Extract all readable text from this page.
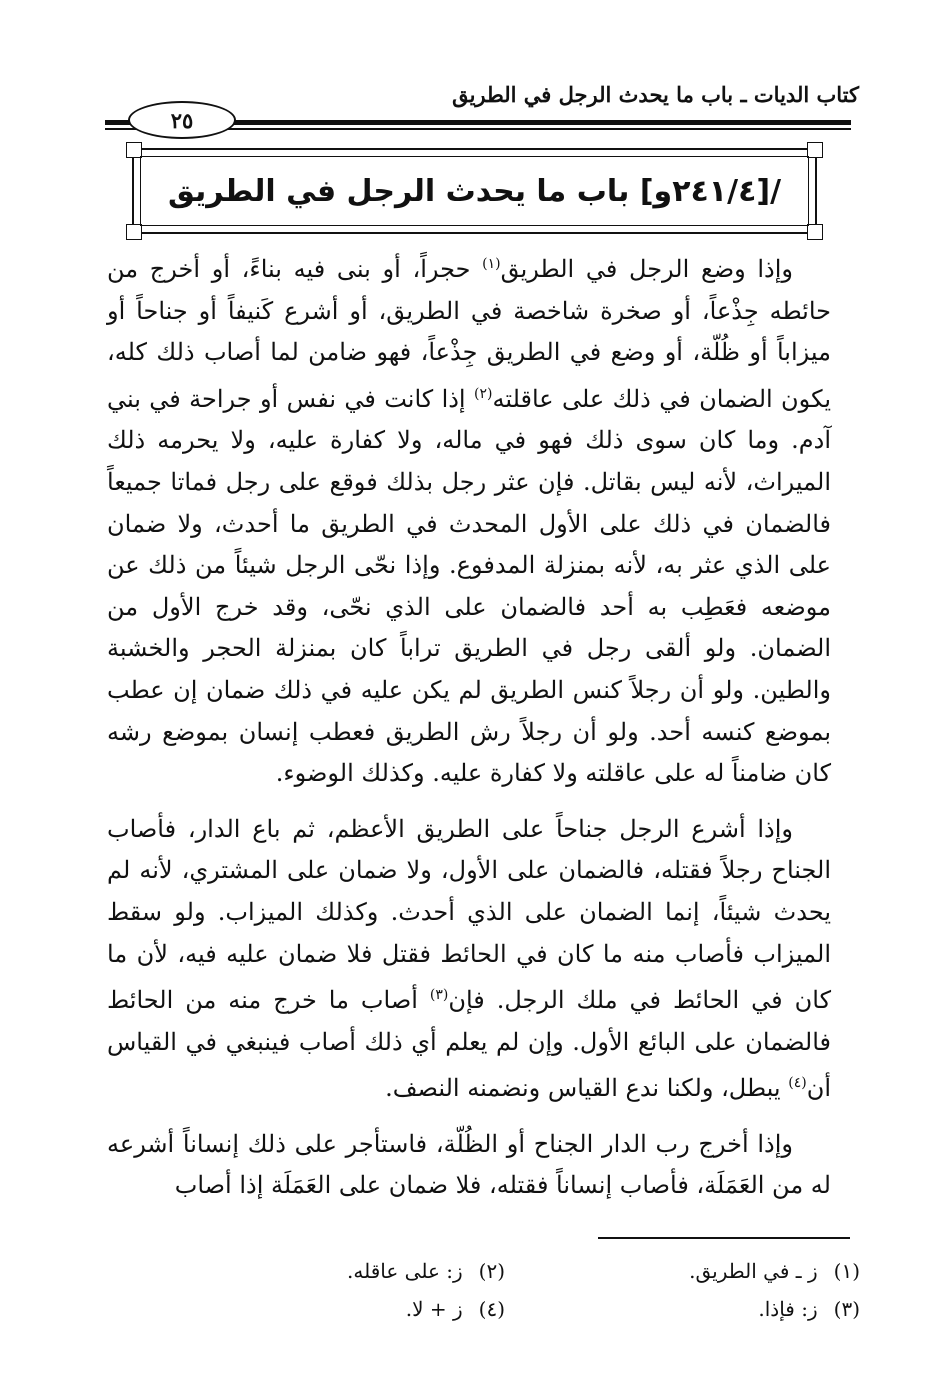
كتاب الديات ـ باب ما يحدث الرجل في الطريق
٢٥
/[٢٤١/٤و] باب ما يحدث الرجل في الطريق

وإذا وضع الرجل في الطريق$^{(١)}$ حجراً، أو بنى فيه بناءً، أو أخرج من حائطه جِذْعاً، أو صخرة شاخصة في الطريق، أو أشرع كَنيفاً أو جناحاً أو ميزاباً أو ظُلّة، أو وضع في الطريق جِذْعاً، فهو ضامن لما أصاب ذلك كله، يكون الضمان في ذلك على عاقلته$^{(٢)}$ إذا كانت في نفس أو جراحة في بني آدم. وما كان سوى ذلك فهو في ماله، ولا كفارة عليه، ولا يحرمه ذلك الميراث، لأنه ليس بقاتل. فإن عثر رجل بذلك فوقع على رجل فماتا جميعاً فالضمان في ذلك على الأول المحدث في الطريق ما أحدث، ولا ضمان على الذي عثر به، لأنه بمنزلة المدفوع. وإذا نحّى الرجل شيئاً من ذلك عن موضعه فعَطِب به أحد فالضمان على الذي نحّى، وقد خرج الأول من الضمان. ولو ألقى رجل في الطريق تراباً كان بمنزلة الحجر والخشبة والطين. ولو أن رجلاً كنس الطريق لم يكن عليه في ذلك ضمان إن عطب بموضع كنسه أحد. ولو أن رجلاً رش الطريق فعطب إنسان بموضع رشه كان ضامناً له على عاقلته ولا كفارة عليه. وكذلك الوضوء.

وإذا أشرع الرجل جناحاً على الطريق الأعظم، ثم باع الدار، فأصاب الجناح رجلاً فقتله، فالضمان على الأول، ولا ضمان على المشتري، لأنه لم يحدث شيئاً، إنما الضمان على الذي أحدث. وكذلك الميزاب. ولو سقط الميزاب فأصاب منه ما كان في الحائط فقتل فلا ضمان عليه فيه، لأن ما كان في الحائط في ملك الرجل. فإن$^{(٣)}$ أصاب ما خرج منه من الحائط فالضمان على البائع الأول. وإن لم يعلم أي ذلك أصاب فينبغي في القياس أن$^{(٤)}$ يبطل، ولكنا ندع القياس ونضمنه النصف.

وإذا أخرج رب الدار الجناح أو الظُلّة، فاستأجر على ذلك إنساناً أشرعه له من العَمَلَة، فأصاب إنساناً فقتله، فلا ضمان على العَمَلَة إذا أصاب

(١)ز ـ في الطريق.
(٢)ز: على عاقله.
(٣)ز: فإذا.
(٤)ز + لا.
